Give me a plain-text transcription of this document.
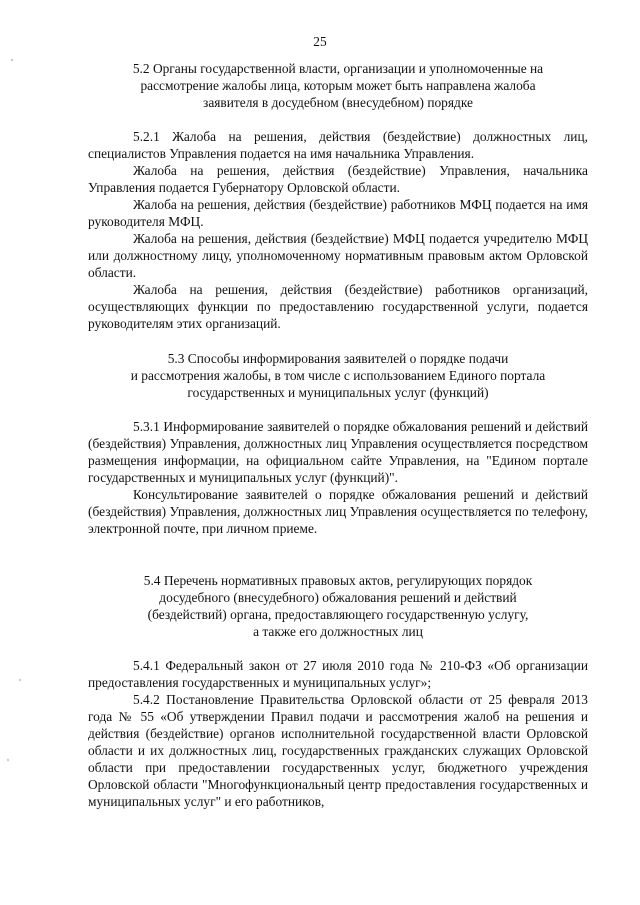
25
5.2 Органы государственной власти, организации и уполномоченные на
рассмотрение жалобы лица, которым может быть направлена жалоба
заявителя в досудебном (внесудебном) порядке

5.2.1 Жалоба на решения, действия (бездействие) должностных лиц, специалистов Управления подается на имя начальника Управления.

Жалоба на решения, действия (бездействие) Управления, начальника Управления подается Губернатору Орловской области.

Жалоба на решения, действия (бездействие) работников МФЦ подается на имя руководителя МФЦ.

Жалоба на решения, действия (бездействие) МФЦ подается учредителю МФЦ или должностному лицу, уполномоченному нормативным правовым актом Орловской области.

Жалоба на решения, действия (бездействие) работников организаций, осуществляющих функции по предоставлению государственной услуги, подается руководителям этих организаций.

5.3 Способы информирования заявителей о порядке подачи
и рассмотрения жалобы, в том числе с использованием Единого портала
государственных и муниципальных услуг (функций)

5.3.1 Информирование заявителей о порядке обжалования решений и действий (бездействия) Управления, должностных лиц Управления осуществляется посредством размещения информации, на официальном сайте Управления, на "Едином портале государственных и муниципальных услуг (функций)".

Консультирование заявителей о порядке обжалования решений и действий (бездействия) Управления, должностных лиц Управления осуществляется по телефону, электронной почте, при личном приеме.

5.4 Перечень нормативных правовых актов, регулирующих порядок
досудебного (внесудебного) обжалования решений и действий
(бездействий) органа, предоставляющего государственную услугу,
а также его должностных лиц

5.4.1 Федеральный закон от 27 июля 2010 года № 210-ФЗ «Об организации предоставления государственных и муниципальных услуг»;

5.4.2 Постановление Правительства Орловской области от 25 февраля 2013 года № 55 «Об утверждении Правил подачи и рассмотрения жалоб на решения и действия (бездействие) органов исполнительной государственной власти Орловской области и их должностных лиц, государственных гражданских служащих Орловской области при предоставлении государственных услуг, бюджетного учреждения Орловской области "Многофункциональный центр предоставления государственных и муниципальных услуг" и его работников,
